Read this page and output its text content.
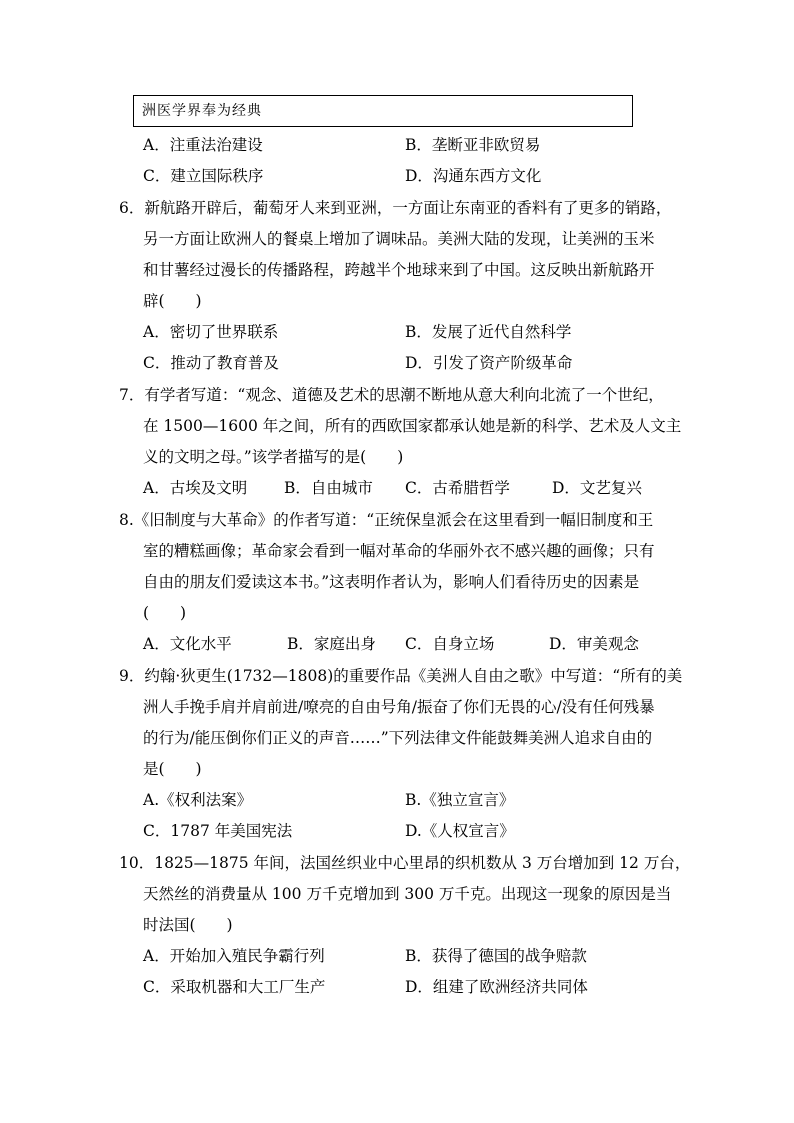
洲医学界奉为经典
A．注重法治建设	B．垄断亚非欧贸易
C．建立国际秩序	D．沟通东西方文化
6．新航路开辟后，葡萄牙人来到亚洲，一方面让东南亚的香料有了更多的销路，
另一方面让欧洲人的餐桌上增加了调味品。美洲大陆的发现，让美洲的玉米
和甘薯经过漫长的传播路程，跨越半个地球来到了中国。这反映出新航路开
辟(　　)
A．密切了世界联系	B．发展了近代自然科学
C．推动了教育普及	D．引发了资产阶级革命
7．有学者写道：“观念、道德及艺术的思潮不断地从意大利向北流了一个世纪，
在 1500—1600 年之间，所有的西欧国家都承认她是新的科学、艺术及人文主
义的文明之母。”该学者描写的是(　　)
A．古埃及文明 B．自由城市 C．古希腊哲学	D．文艺复兴
8.《旧制度与大革命》的作者写道：“正统保皇派会在这里看到一幅旧制度和王
室的糟糕画像；革命家会看到一幅对革命的华丽外衣不感兴趣的画像；只有
自由的朋友们爱读这本书。”这表明作者认为，影响人们看待历史的因素是
(　　)
A．文化水平	B．家庭出身 C．自身立场	D．审美观念
9．约翰·狄更生(1732—1808)的重要作品《美洲人自由之歌》中写道：“所有的美
洲人手挽手肩并肩前进/嘹亮的自由号角/振奋了你们无畏的心/没有任何残暴
的行为/能压倒你们正义的声音……”下列法律文件能鼓舞美洲人追求自由的
是(　　)
A.《权利法案》	B.《独立宣言》
C．1787 年美国宪法	D.《人权宣言》
10．1825—1875 年间，法国丝织业中心里昂的织机数从 3 万台增加到 12 万台，
天然丝的消费量从 100 万千克增加到 300 万千克。出现这一现象的原因是当
时法国(　　)
A．开始加入殖民争霸行列	B．获得了德国的战争赔款
C．采取机器和大工厂生产	D．组建了欧洲经济共同体
